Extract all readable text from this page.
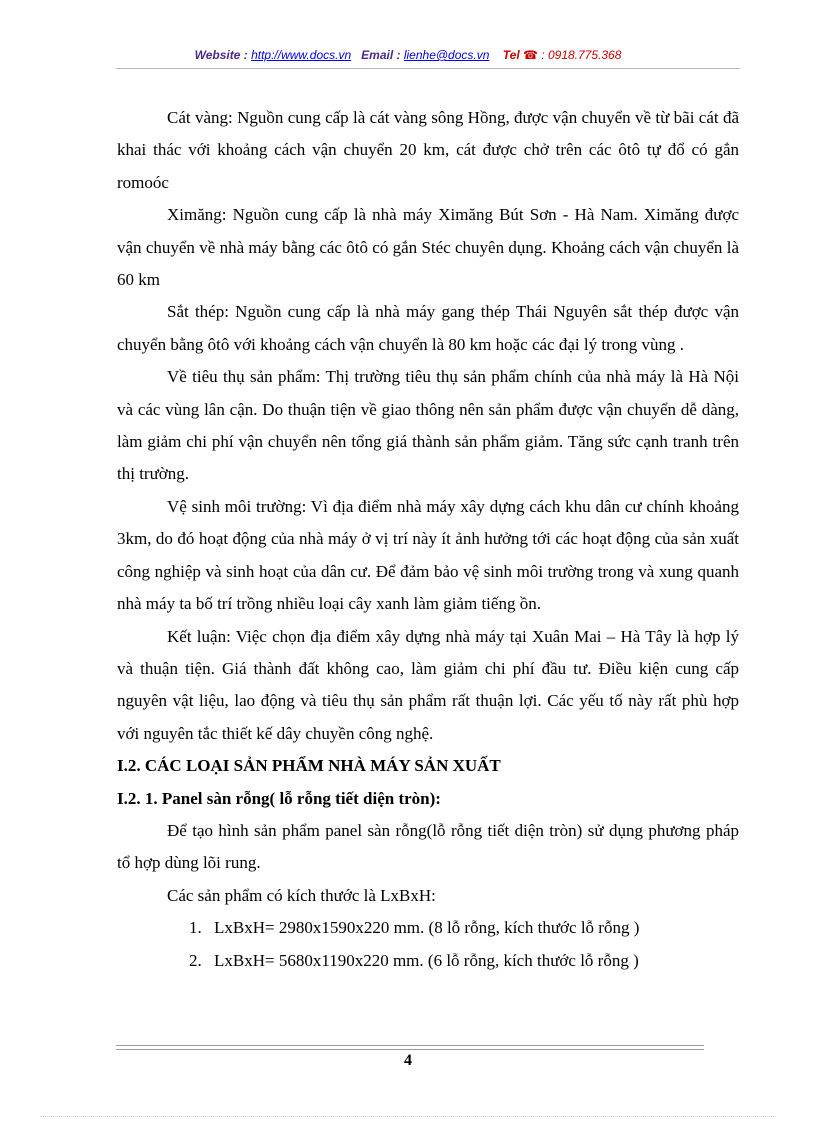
Website : http://www.docs.vn Email : lienhe@docs.vn Tel ☎ : 0918.775.368

Cát vàng: Nguồn cung cấp là cát vàng sông Hồng, được vận chuyển về từ bãi cát đã khai thác với khoảng cách vận chuyển 20 km, cát được chở trên các ôtô tự đổ có gắn romoóc

Ximăng: Nguồn cung cấp là nhà máy Ximăng Bút Sơn - Hà Nam. Ximăng được vận chuyển về nhà máy bằng các ôtô có gắn Stéc chuyên dụng. Khoảng cách vận chuyển là 60 km

Sắt thép: Nguồn cung cấp là nhà máy gang thép Thái Nguyên sắt thép được vận chuyển bằng ôtô với khoảng cách vận chuyển là 80 km hoặc các đại lý trong vùng .

Về tiêu thụ sản phẩm: Thị trường tiêu thụ sản phẩm chính của nhà máy là Hà Nội và các vùng lân cận. Do thuận tiện về giao thông nên sản phẩm được vận chuyển dễ dàng, làm giảm chi phí vận chuyển nên tổng giá thành sản phẩm giảm. Tăng sức cạnh tranh trên thị trường.

Vệ sinh môi trường: Vì địa điểm nhà máy xây dựng cách khu dân cư chính khoảng 3km, do đó hoạt động của nhà máy ở vị trí này ít ảnh hưởng tới các hoạt động của sản xuất công nghiệp và sinh hoạt của dân cư. Để đảm bảo vệ sinh môi trường trong và xung quanh nhà máy ta bố trí trồng nhiều loại cây xanh làm giảm tiếng ồn.

Kết luận: Việc chọn địa điểm xây dựng nhà máy tại Xuân Mai – Hà Tây là hợp lý và thuận tiện. Giá thành đất không cao, làm giảm chi phí đầu tư. Điều kiện cung cấp nguyên vật liệu, lao động và tiêu thụ sản phẩm rất thuận lợi. Các yếu tố này rất phù hợp với nguyên tắc thiết kế dây chuyền công nghệ.

I.2. CÁC LOẠI SẢN PHẨM NHÀ MÁY SẢN XUẤT
I.2. 1. Panel sàn rỗng( lỗ rỗng tiết diện tròn):

Để tạo hình sản phẩm panel sàn rỗng(lỗ rỗng tiết diện tròn) sử dụng phương pháp tổ hợp dùng lõi rung.

Các sản phẩm có kích thước là LxBxH:

1. LxBxH= 2980x1590x220 mm. (8 lỗ rỗng, kích thước lỗ rỗng )
2. LxBxH= 5680x1190x220 mm. (6 lỗ rỗng, kích thước lỗ rỗng )
4
